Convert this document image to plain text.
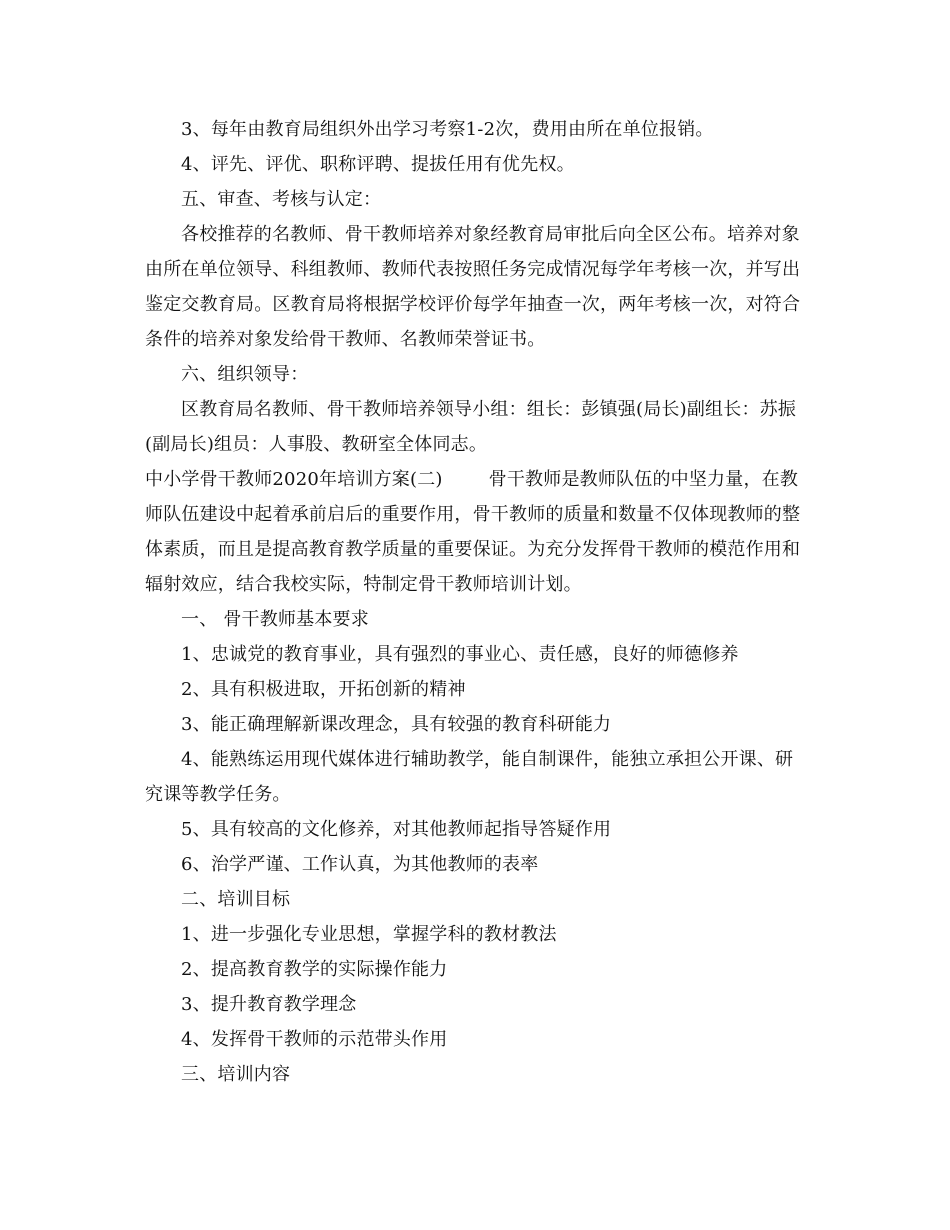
3、每年由教育局组织外出学习考察1-2次，费用由所在单位报销。

4、评先、评优、职称评聘、提拔任用有优先权。

五、审查、考核与认定：

各校推荐的名教师、骨干教师培养对象经教育局审批后向全区公布。培养对象由所在单位领导、科组教师、教师代表按照任务完成情况每学年考核一次，并写出鉴定交教育局。区教育局将根据学校评价每学年抽查一次，两年考核一次，对符合条件的培养对象发给骨干教师、名教师荣誉证书。

六、组织领导：

区教育局名教师、骨干教师培养领导小组：组长：彭镇强(局长)副组长：苏振(副局长)组员：人事股、教研室全体同志。

中小学骨干教师2020年培训方案(二)	骨干教师是教师队伍的中坚力量，在教师队伍建设中起着承前启后的重要作用，骨干教师的质量和数量不仅体现教师的整体素质，而且是提高教育教学质量的重要保证。为充分发挥骨干教师的模范作用和辐射效应，结合我校实际，特制定骨干教师培训计划。

一、 骨干教师基本要求

1、忠诚党的教育事业，具有强烈的事业心、责任感，良好的师德修养

2、具有积极进取，开拓创新的精神

3、能正确理解新课改理念，具有较强的教育科研能力

4、能熟练运用现代媒体进行辅助教学，能自制课件，能独立承担公开课、研究课等教学任务。

5、具有较高的文化修养，对其他教师起指导答疑作用

6、治学严谨、工作认真，为其他教师的表率

二、培训目标

1、进一步强化专业思想，掌握学科的教材教法

2、提高教育教学的实际操作能力

3、提升教育教学理念

4、发挥骨干教师的示范带头作用

三、培训内容
